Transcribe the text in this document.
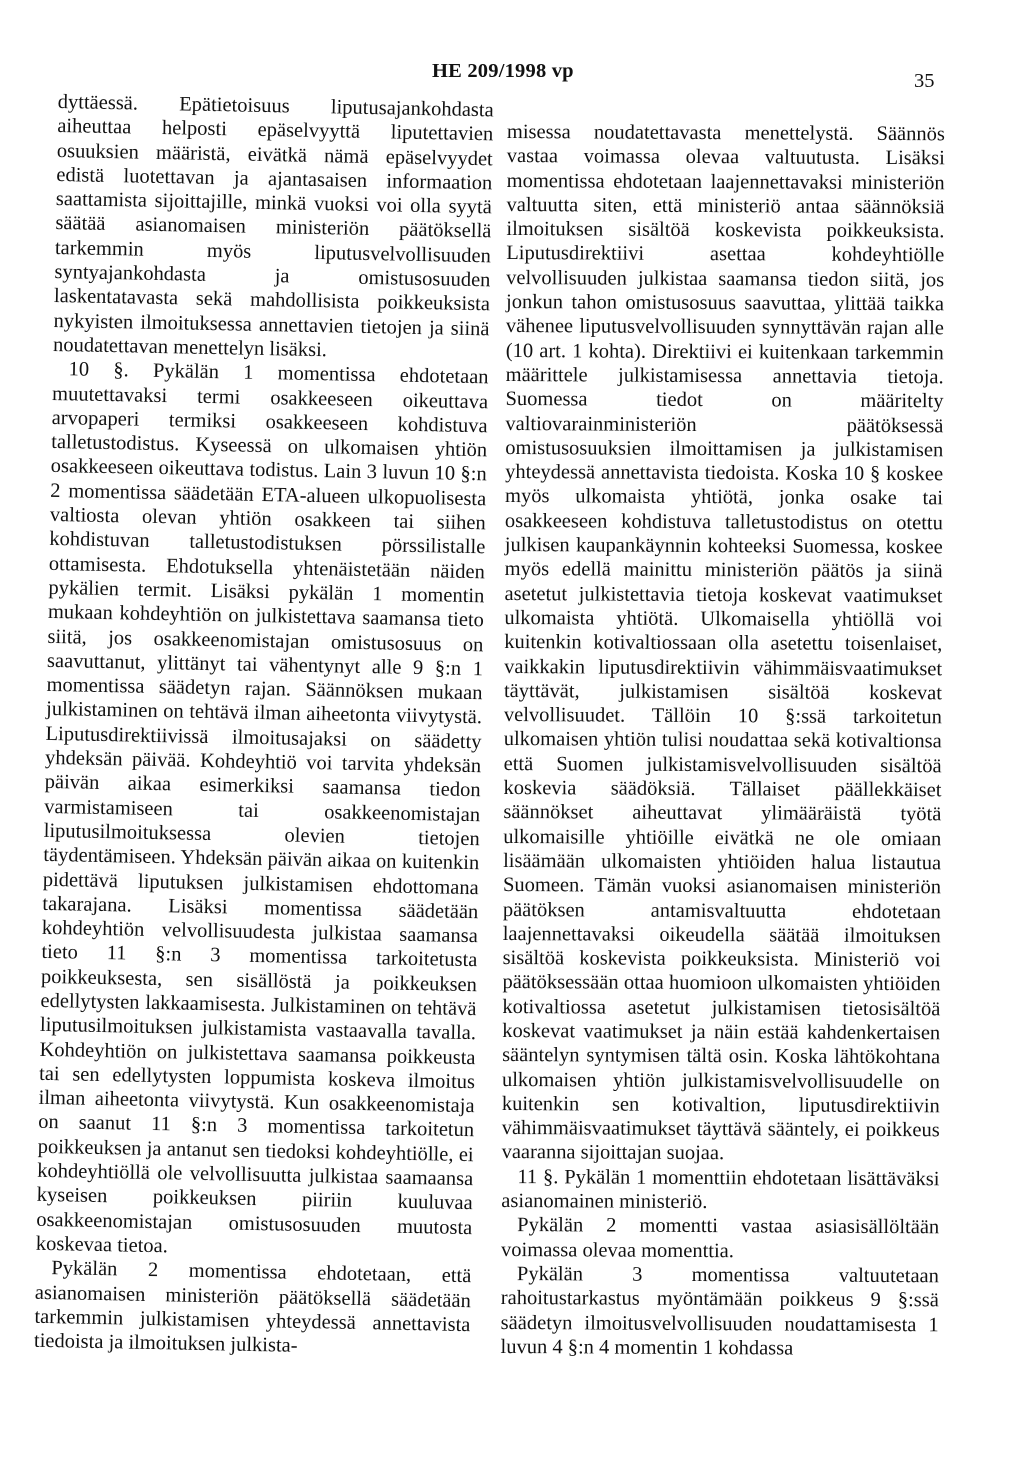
HE 209/1998 vp	35

dyttäessä. Epätietoisuus liputusajankohdasta aiheuttaa helposti epäselvyyttä liputettavien osuuksien määristä, eivätkä nämä epäselvyydet edistä luotettavan ja ajantasaisen informaation saattamista sijoittajille, minkä vuoksi voi olla syytä säätää asianomaisen ministeriön päätöksellä tarkemmin myös liputusvelvollisuuden syntyajankohdasta ja omistusosuuden laskentatavasta sekä mahdollisista poikkeuksista nykyisten ilmoituksessa annettavien tietojen ja siinä noudatettavan menettelyn lisäksi.

10 §. Pykälän 1 momentissa ehdotetaan muutettavaksi termi osakkeeseen oikeuttava arvopaperi termiksi osakkeeseen kohdistuva talletustodistus. Kyseessä on ulkomaisen yhtiön osakkeeseen oikeuttava todistus. Lain 3 luvun 10 §:n 2 momentissa säädetään ETA-alueen ulkopuolisesta valtiosta olevan yhtiön osakkeen tai siihen kohdistuvan talletustodistuksen pörssilistalle ottamisesta. Ehdotuksella yhtenäistetään näiden pykälien termit. Lisäksi pykälän 1 momentin mukaan kohdeyhtiön on julkistettava saamansa tieto siitä, jos osakkeenomistajan omistusosuus on saavuttanut, ylittänyt tai vähentynyt alle 9 §:n 1 momentissa säädetyn rajan. Säännöksen mukaan julkistaminen on tehtävä ilman aiheetonta viivytystä. Liputusdirektiivissä ilmoitusajaksi on säädetty yhdeksän päivää. Kohdeyhtiö voi tarvita yhdeksän päivän aikaa esimerkiksi saamansa tiedon varmistamiseen tai osakkeenomistajan liputusilmoituksessa olevien tietojen täydentämiseen. Yhdeksän päivän aikaa on kuitenkin pidettävä liputuksen julkistamisen ehdottomana takarajana. Lisäksi momentissa säädetään kohdeyhtiön velvollisuudesta julkistaa saamansa tieto 11 §:n 3 momentissa tarkoitetusta poikkeuksesta, sen sisällöstä ja poikkeuksen edellytysten lakkaamisesta. Julkistaminen on tehtävä liputusilmoituksen julkistamista vastaavalla tavalla. Kohdeyhtiön on julkistettava saamansa poikkeusta tai sen edellytysten loppumista koskeva ilmoitus ilman aiheetonta viivytystä. Kun osakkeenomistaja on saanut 11 §:n 3 momentissa tarkoitetun poikkeuksen ja antanut sen tiedoksi kohdeyhtiölle, ei kohdeyhtiöllä ole velvollisuutta julkistaa saamaansa kyseisen poikkeuksen piiriin kuuluvaa osakkeenomistajan omistusosuuden muutosta koskevaa tietoa.

Pykälän 2 momentissa ehdotetaan, että asianomaisen ministeriön päätöksellä säädetään tarkemmin julkistamisen yhteydessä annettavista tiedoista ja ilmoituksen julkista-

misessa noudatettavasta menettelystä. Säännös vastaa voimassa olevaa valtuutusta. Lisäksi momentissa ehdotetaan laajennettavaksi ministeriön valtuutta siten, että ministeriö antaa säännöksiä ilmoituksen sisältöä koskevista poikkeuksista. Liputusdirektiivi asettaa kohdeyhtiölle velvollisuuden julkistaa saamansa tiedon siitä, jos jonkun tahon omistusosuus saavuttaa, ylittää taikka vähenee liputusvelvollisuuden synnyttävän rajan alle (10 art. 1 kohta). Direktiivi ei kuitenkaan tarkemmin määrittele julkistamisessa annettavia tietoja. Suomessa tiedot on määritelty valtiovarainministeriön päätöksessä omistusosuuksien ilmoittamisen ja julkistamisen yhteydessä annettavista tiedoista. Koska 10 § koskee myös ulkomaista yhtiötä, jonka osake tai osakkeeseen kohdistuva talletustodistus on otettu julkisen kaupankäynnin kohteeksi Suomessa, koskee myös edellä mainittu ministeriön päätös ja siinä asetetut julkistettavia tietoja koskevat vaatimukset ulkomaista yhtiötä. Ulkomaisella yhtiöllä voi kuitenkin kotivaltiossaan olla asetettu toisenlaiset, vaikkakin liputusdirektiivin vähimmäisvaatimukset täyttävät, julkistamisen sisältöä koskevat velvollisuudet. Tällöin 10 §:ssä tarkoitetun ulkomaisen yhtiön tulisi noudattaa sekä kotivaltionsa että Suomen julkistamisvelvollisuuden sisältöä koskevia säädöksiä. Tällaiset päällekkäiset säännökset aiheuttavat ylimääräistä työtä ulkomaisille yhtiöille eivätkä ne ole omiaan lisäämään ulkomaisten yhtiöiden halua listautua Suomeen. Tämän vuoksi asianomaisen ministeriön päätöksen antamisvaltuutta ehdotetaan laajennettavaksi oikeudella säätää ilmoituksen sisältöä koskevista poikkeuksista. Ministeriö voi päätöksessään ottaa huomioon ulkomaisten yhtiöiden kotivaltiossa asetetut julkistamisen tietosisältöä koskevat vaatimukset ja näin estää kahdenkertaisen sääntelyn syntymisen tältä osin. Koska lähtökohtana ulkomaisen yhtiön julkistamisvelvollisuudelle on kuitenkin sen kotivaltion, liputusdirektiivin vähimmäisvaatimukset täyttävä sääntely, ei poikkeus vaaranna sijoittajan suojaa.

11 §. Pykälän 1 momenttiin ehdotetaan lisättäväksi asianomainen ministeriö.

Pykälän 2 momentti vastaa asiasisällöltään voimassa olevaa momenttia.

Pykälän 3 momentissa valtuutetaan rahoitustarkastus myöntämään poikkeus 9 §:ssä säädetyn ilmoitusvelvollisuuden noudattamisesta 1 luvun 4 §:n 4 momentin 1 kohdassa
